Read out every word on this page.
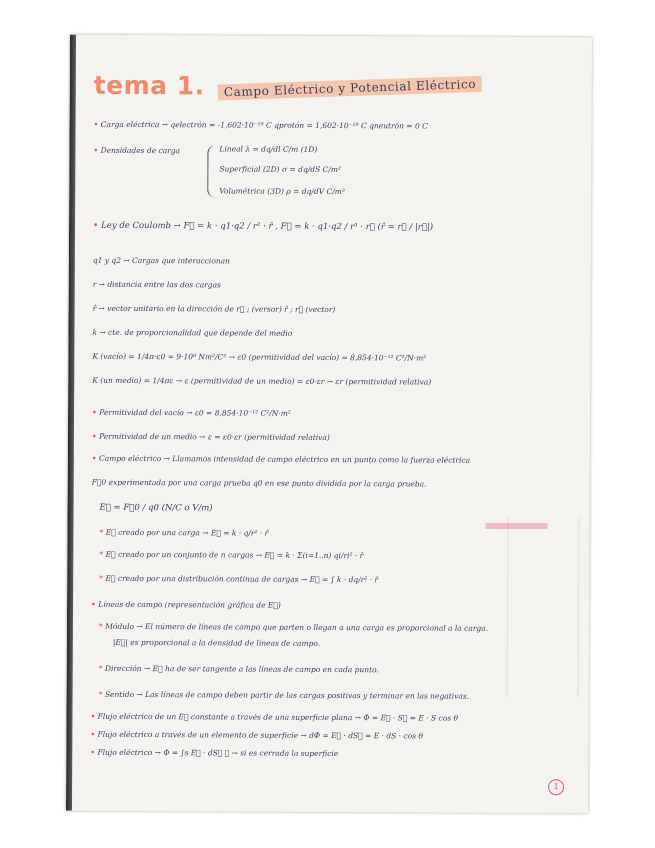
tema 1.	Campo Eléctrico y Potencial Eléctrico
• Carga eléctrica → qelectrón = -1,602·10⁻¹⁹ C qprotón = 1,602·10⁻¹⁹ C qneutrón = 0 C
• Densidades de carga	Lineal λ = dq/dl C/m (1D)
Superficial (2D) σ = dq/dS C/m²
Volumétrica (3D) ρ = dq/dV C/m³
• Ley de Coulomb → F⃗ = k · q1·q2 / r² · r̂ , F⃗ = k · q1·q2 / r³ · r⃗ (r̂ = r⃗ / |r⃗|)
q1 y q2 → Cargas que interaccionan
r → distancia entre las dos cargas
r̂ → vector unitario en la dirección de r⃗ ; (versor) r̂ ; r⃗ (vector)
k → cte. de proporcionalidad que depende del medio
K (vacío) = 1/4π·ε0 ≈ 9·10⁹ Nm²/C² → ε0 (permitividad del vacío) = 8,854·10⁻¹² C²/N·m²
K (un medio) = 1/4πε → ε (permitividad de un medio) = ε0·εr → εr (permitividad relativa)
• Permitividad del vacío → ε0 = 8,854·10⁻¹² C²/N·m²
• Permitividad de un medio → ε = ε0·εr (permitividad relativa)
• Campo eléctrico → Llamamos intensidad de campo eléctrico en un punto como la fuerza eléctrica
F⃗0 experimentada por una carga prueba q0 en ese punto dividida por la carga prueba.
E⃗ = F⃗0 / q0 (N/C o V/m)
* E⃗ creado por una carga → E⃗ = k · q/r² · r̂
* E⃗ creado por un conjunto de n cargas → E⃗ = k · Σ(i=1..n) qi/ri² · r̂
* E⃗ creado por una distribución continua de cargas → E⃗ = ∫ k · dq/r² · r̂
• Líneas de campo (representación gráfica de E⃗)
* Módulo → El número de líneas de campo que parten o llegan a una carga es proporcional a la carga.
|E⃗| es proporcional a la densidad de líneas de campo.
* Dirección → E⃗ ha de ser tangente a las líneas de campo en cada punto.
* Sentido → Las líneas de campo deben partir de las cargas positivas y terminar en las negativas.
• Flujo eléctrico de un E⃗ constante a través de una superficie plana → Φ = E⃗ · S⃗ = E · S cos θ
• Flujo eléctrico a través de un elemento de superficie → dΦ = E⃗ · dS⃗ = E · dS · cos θ
• Flujo eléctrico → Φ = ∫s E⃗ · dS⃗ ∮ → si es cerrada la superficie
1
